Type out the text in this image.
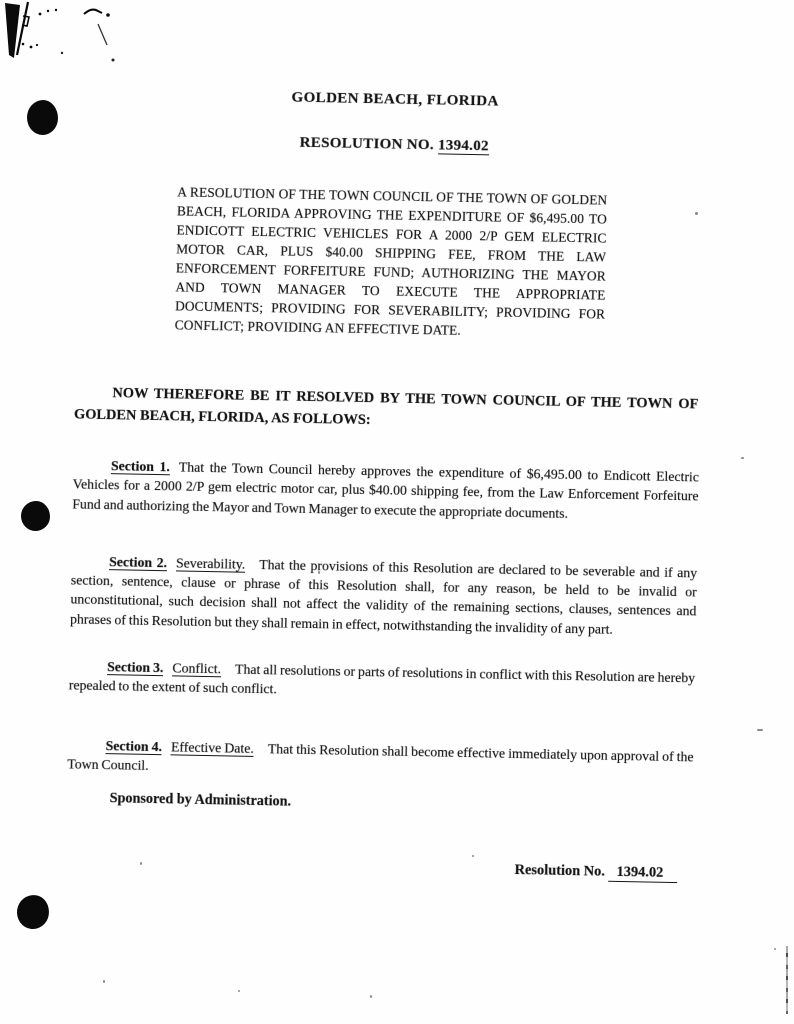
GOLDEN BEACH, FLORIDA
RESOLUTION NO. 1394.02

A RESOLUTION OF THE TOWN COUNCIL OF THE TOWN OF GOLDEN BEACH, FLORIDA APPROVING THE EXPENDITURE OF $6,495.00 TO ENDICOTT ELECTRIC VEHICLES FOR A 2000 2/P GEM ELECTRIC MOTOR CAR, PLUS $40.00 SHIPPING FEE, FROM THE LAW ENFORCEMENT FORFEITURE FUND; AUTHORIZING THE MAYOR AND TOWN MANAGER TO EXECUTE THE APPROPRIATE DOCUMENTS; PROVIDING FOR SEVERABILITY; PROVIDING FOR CONFLICT; PROVIDING AN EFFECTIVE DATE.

NOW THEREFORE BE IT RESOLVED BY THE TOWN COUNCIL OF THE TOWN OF GOLDEN BEACH, FLORIDA, AS FOLLOWS:

Section 1. That the Town Council hereby approves the expenditure of $6,495.00 to Endicott Electric Vehicles for a 2000 2/P gem electric motor car, plus $40.00 shipping fee, from the Law Enforcement Forfeiture Fund and authorizing the Mayor and Town Manager to execute the appropriate documents.

Section 2. Severability. That the provisions of this Resolution are declared to be severable and if any section, sentence, clause or phrase of this Resolution shall, for any reason, be held to be invalid or unconstitutional, such decision shall not affect the validity of the remaining sections, clauses, sentences and phrases of this Resolution but they shall remain in effect, notwithstanding the invalidity of any part.

Section 3. Conflict. That all resolutions or parts of resolutions in conflict with this Resolution are hereby repealed to the extent of such conflict.

Section 4. Effective Date. That this Resolution shall become effective immediately upon approval of the Town Council.

Sponsored by Administration.

Resolution No. 1394.02
